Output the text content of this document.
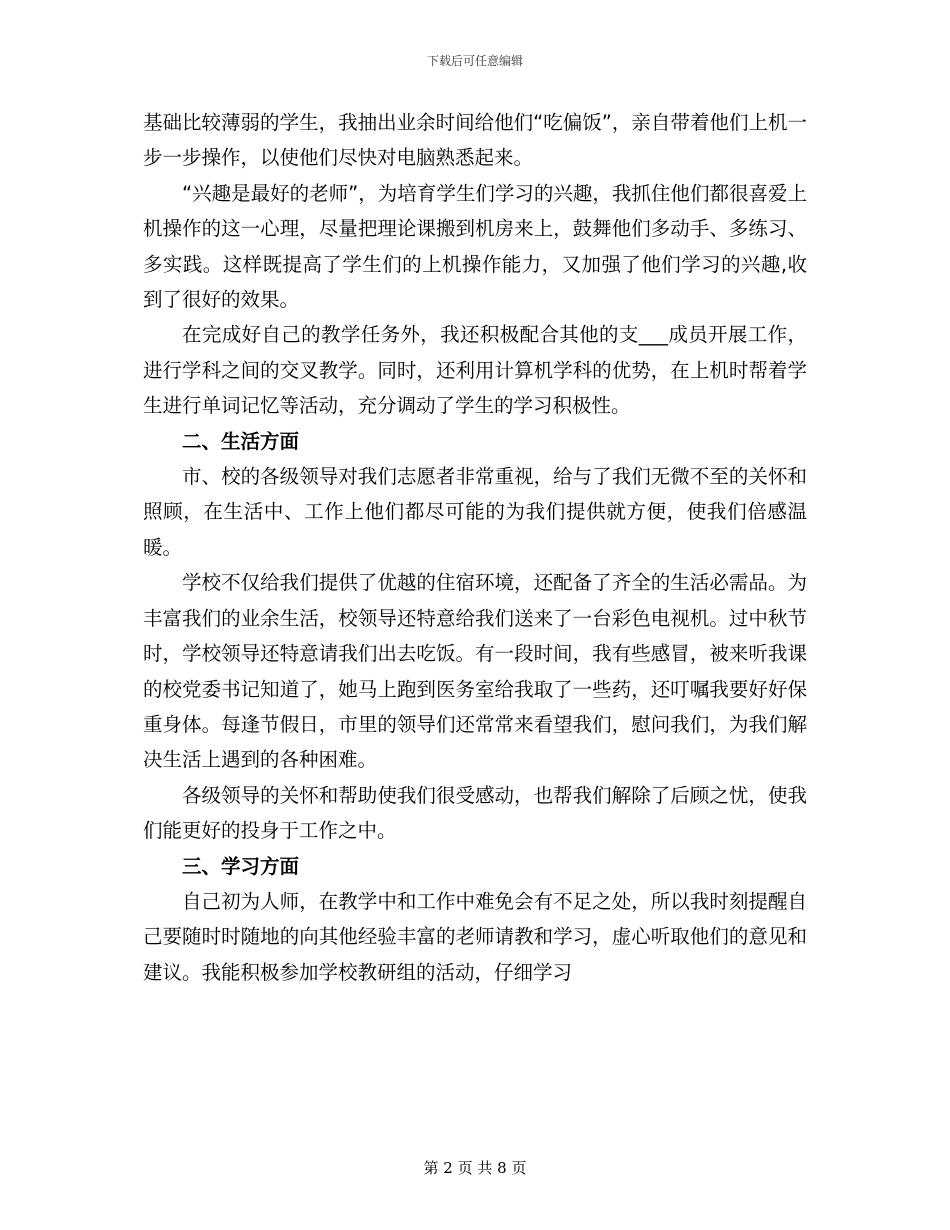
下载后可任意编辑

基础比较薄弱的学生，我抽出业余时间给他们“吃偏饭”，亲自带着他们上机一步一步操作，以使他们尽快对电脑熟悉起来。

“兴趣是最好的老师”，为培育学生们学习的兴趣，我抓住他们都很喜爱上机操作的这一心理，尽量把理论课搬到机房来上，鼓舞他们多动手、多练习、多实践。这样既提高了学生们的上机操作能力，又加强了他们学习的兴趣,收到了很好的效果。

在完成好自己的教学任务外，我还积极配合其他的支___成员开展工作，进行学科之间的交叉教学。同时，还利用计算机学科的优势，在上机时帮着学生进行单词记忆等活动，充分调动了学生的学习积极性。

二、生活方面

市、校的各级领导对我们志愿者非常重视，给与了我们无微不至的关怀和照顾，在生活中、工作上他们都尽可能的为我们提供就方便，使我们倍感温暖。

学校不仅给我们提供了优越的住宿环境，还配备了齐全的生活必需品。为丰富我们的业余生活，校领导还特意给我们送来了一台彩色电视机。过中秋节时，学校领导还特意请我们出去吃饭。有一段时间，我有些感冒，被来听我课的校党委书记知道了，她马上跑到医务室给我取了一些药，还叮嘱我要好好保重身体。每逢节假日，市里的领导们还常常来看望我们，慰问我们，为我们解决生活上遇到的各种困难。

各级领导的关怀和帮助使我们很受感动，也帮我们解除了后顾之忧，使我们能更好的投身于工作之中。

三、学习方面

自己初为人师，在教学中和工作中难免会有不足之处，所以我时刻提醒自己要随时时随地的向其他经验丰富的老师请教和学习，虚心听取他们的意见和建议。我能积极参加学校教研组的活动，仔细学习

第 2 页 共 8 页
